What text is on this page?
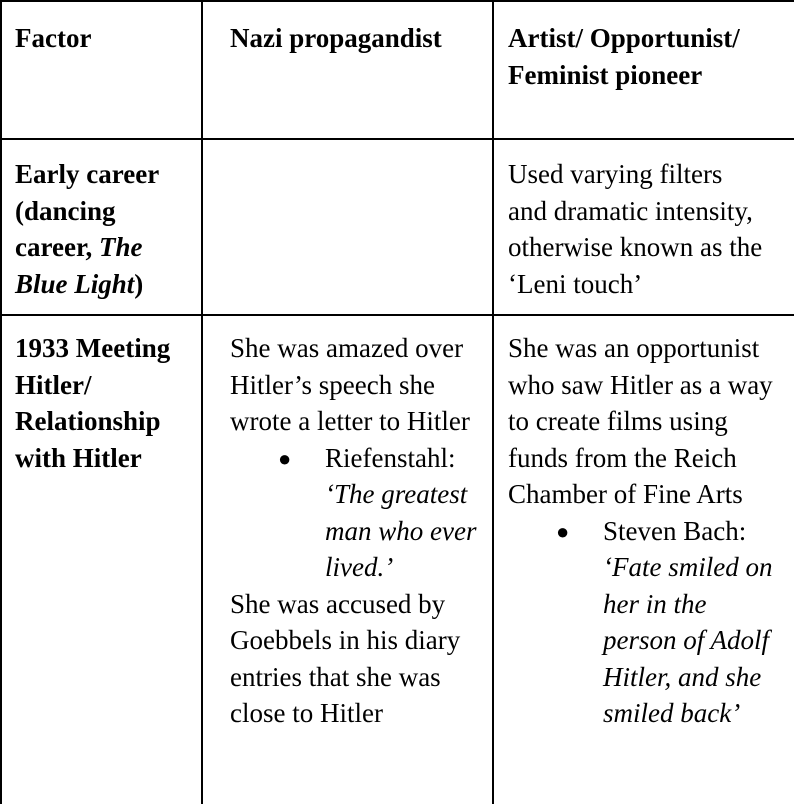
Factor	Nazi propagandist	Artist/ Opportunist/ Feminist pioneer
Early career (dancing career, The Blue Light)
Used varying filters and dramatic intensity, otherwise known as the ‘Leni touch’
1933 Meeting Hitler/ Relationship with Hitler

She was amazed over Hitler’s speech she wrote a letter to Hitler

● Riefenstahl:
‘The greatest man who ever lived.’

She was accused by Goebbels in his diary entries that she was close to Hitler

She was an opportunist who saw Hitler as a way to create films using funds from the Reich Chamber of Fine Arts

● Steven Bach:
‘Fate smiled on her in the person of Adolf Hitler, and she smiled back’
